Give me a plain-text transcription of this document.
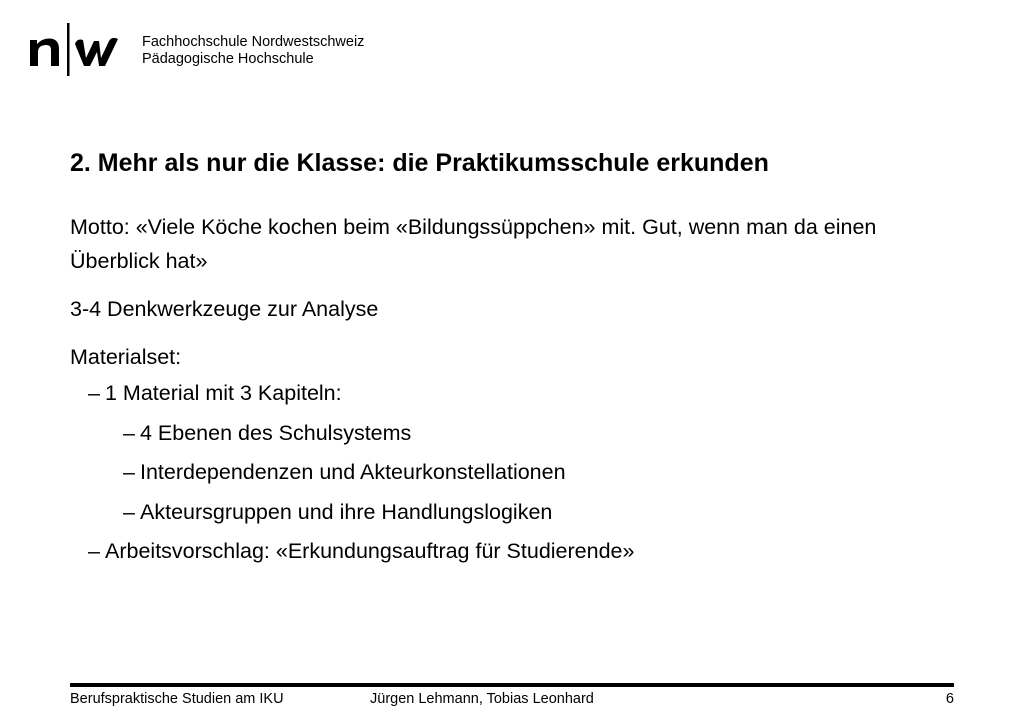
Fachhochschule Nordwestschweiz
Pädagogische Hochschule
2. Mehr als nur die Klasse: die Praktikumsschule erkunden

Motto: «Viele Köche kochen beim «Bildungssüppchen» mit. Gut, wenn man da einen Überblick hat»

3-4 Denkwerkzeuge zur Analyse

Materialset:

– 1 Material mit 3 Kapiteln:
– 4 Ebenen des Schulsystems
– Interdependenzen und Akteurkonstellationen
– Akteursgruppen und ihre Handlungslogiken
– Arbeitsvorschlag: «Erkundungsauftrag für Studierende»
Berufspraktische Studien am IKU	Jürgen Lehmann, Tobias Leonhard	6
